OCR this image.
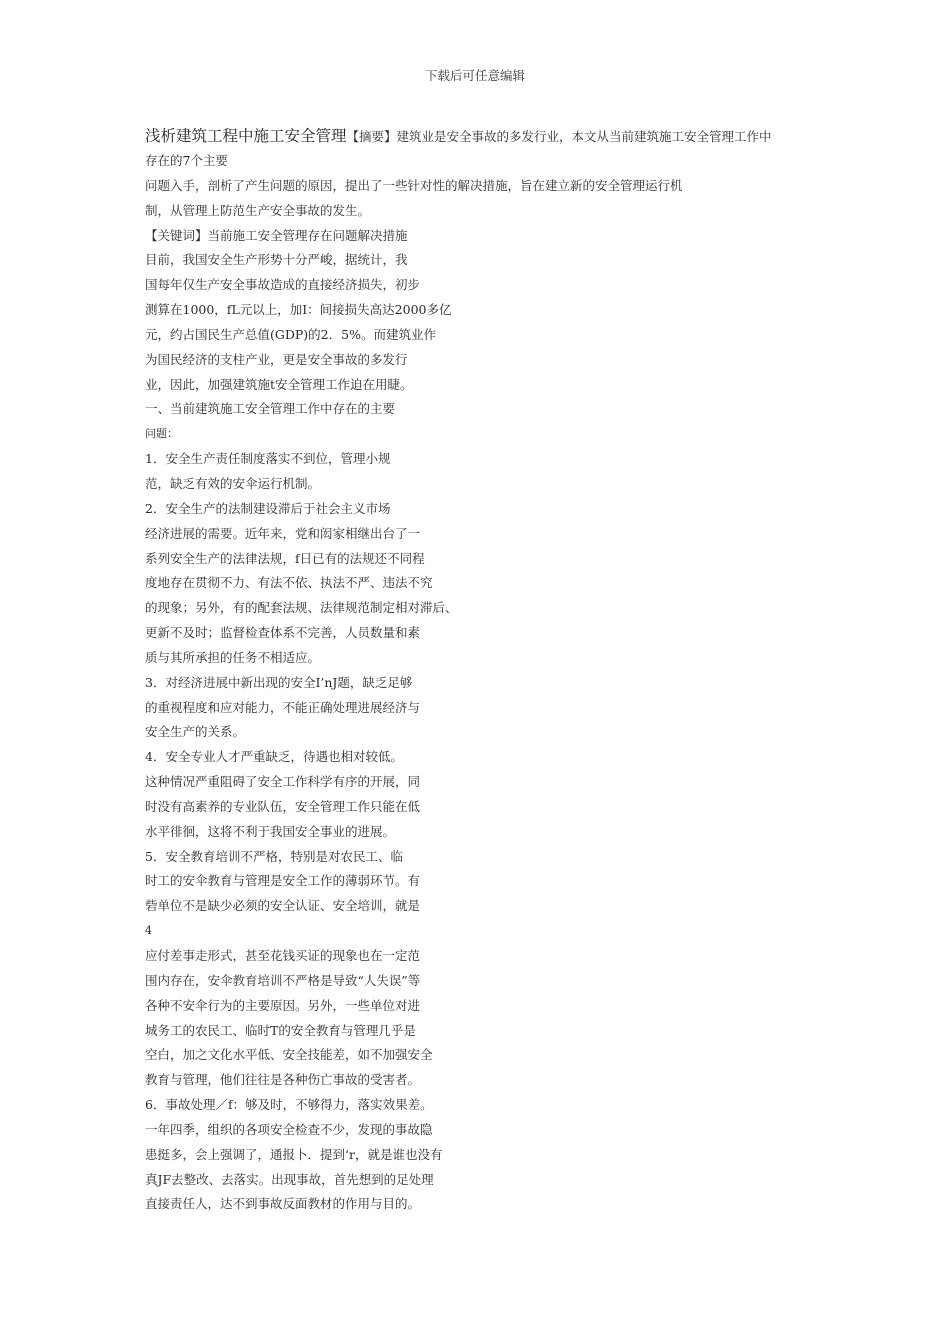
下载后可任意编辑

浅析建筑工程中施工安全管理【摘要】建筑业是安全事故的多发行业，本文从当前建筑施工安全管理工作中

存在的7个主要

问题入手，剖析了产生问题的原因，提出了一些针对性的解决措施，旨在建立新的安全管理运行机

制，从管理上防范生产安全事故的发生。

【关键词】当前施工安全管理存在问题解决措施

目前，我国安全生产形势十分严峻，据统计，我

国每年仅生产安全事故造成的直接经济损失，初步

测算在1000，fL元以上，加I：间接损失高达2000多亿

元，约占国民生产总值(GDP)的2．5%。而建筑业作

为国民经济的支柱产业，更是安全事故的多发行

业，因此，加强建筑施t安全管理工作迫在用睫。

一、当前建筑施工安全管理工作中存在的主要

问题：

1．安全生产责任制度落实不到位，管理小规

范，缺乏有效的安伞运行机制。

2．安全生产的法制建设滞后于社会主义市场

经济进展的需要。近年来，党和闳家相继出台了一

系列安全生产的法律法规，f日已有的法规还不同程

度地存在贯彻不力、有法不依、执法不严、违法不究

的现象；另外，有的配套法规、法律规范制定相对滞后、

更新不及时；监督检查体系不完善，人员数量和素

质与其所承担的任务不相适应。

3．对经济进展中新出现的安全I’nJ题，缺乏足够

的重视程度和应对能力，不能正确处理进展经济与

安全生产的关系。

4．安全专业人才严重缺乏，待遇也相对较低。

这种情况严重阻碍了安全工作科学有序的开展，同

时没有高素养的专业队伍，安全管理工作只能在低

水平徘徊，这将不利于我国安全事业的进展。

5．安全教育培训不严格，特别是对农民工、临

时工的安伞教育与管理是安全工作的薄弱环节。有

砦单位不是缺少必须的安全认证、安全培训，就是

4

应付差事走形式，甚至花钱买证的现象也在一定范

围内存在，安伞教育培训不严格是导致“人失误”等

各种不安伞行为的主要原因。另外，一些单位对进

城务工的农民工、临时T的安全教育与管理几乎是

空白，加之文化水平低、安全技能差，如不加强安全

教育与管理，他们往往是各种伤亡事故的受害者。

6．事故处理／f：够及时，不够得力，落实效果差。

一年四季，组织的各项安全检查不少，发现的事故隐

患挺多，会上强调了，通报卜．提到‘r，就是谁也没有

真JF去整改、去落实。出现事故，首先想到的足处理

直接责任人，达不到事故反面教材的作用与目的。
